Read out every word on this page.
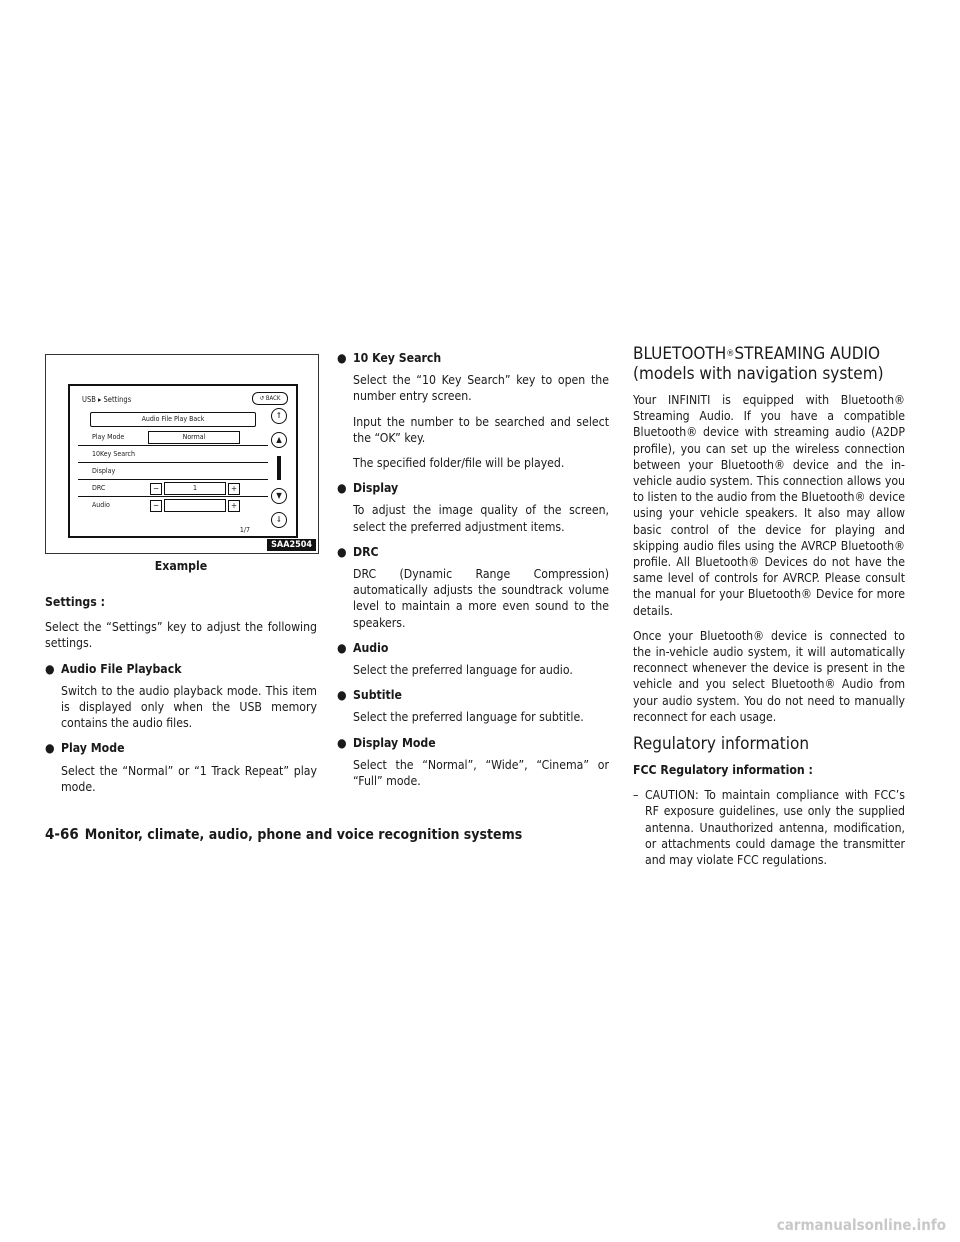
USB ▸ Settings	↺ BACK
Audio File Play Back
Play Mode	Normal
10Key Search
Display
DRC	−	1	+
Audio	−	+
⇑
▲
▼
⇓
1/7
SAA2504
Example

Settings :

Select the “Settings” key to adjust the following settings.

● Audio File Playback

Switch to the audio playback mode. This item is displayed only when the USB memory contains the audio files.

● Play Mode

Select the “Normal” or “1 Track Repeat” play mode.

● 10 Key Search

Select the “10 Key Search” key to open the number entry screen.

Input the number to be searched and select the “OK” key.

The specified folder/file will be played.

● Display

To adjust the image quality of the screen, select the preferred adjustment items.

● DRC

DRC (Dynamic Range Compression) automatically adjusts the soundtrack volume level to maintain a more even sound to the speakers.

● Audio

Select the preferred language for audio.

● Subtitle

Select the preferred language for subtitle.

● Display Mode

Select the “Normal”, “Wide”, “Cinema” or “Full” mode.

BLUETOOTH®STREAMING AUDIO (models with navigation system)

Your INFINITI is equipped with Bluetooth® Streaming Audio. If you have a compatible Bluetooth® device with streaming audio (A2DP profile), you can set up the wireless connection between your Bluetooth® device and the in-vehicle audio system. This connection allows you to listen to the audio from the Bluetooth® device using your vehicle speakers. It also may allow basic control of the device for playing and skipping audio files using the AVRCP Bluetooth® profile. All Bluetooth® Devices do not have the same level of controls for AVRCP. Please consult the manual for your Bluetooth® Device for more details.

Once your Bluetooth® device is connected to the in-vehicle audio system, it will automatically reconnect whenever the device is present in the vehicle and you select Bluetooth® Audio from your audio system. You do not need to manually reconnect for each usage.

Regulatory information

FCC Regulatory information :

– CAUTION: To maintain compliance with FCC’s RF exposure guidelines, use only the supplied antenna. Unauthorized antenna, modification, or attachments could damage the transmitter and may violate FCC regulations.
4-66 Monitor, climate, audio, phone and voice recognition systems
carmanualsonline.info
